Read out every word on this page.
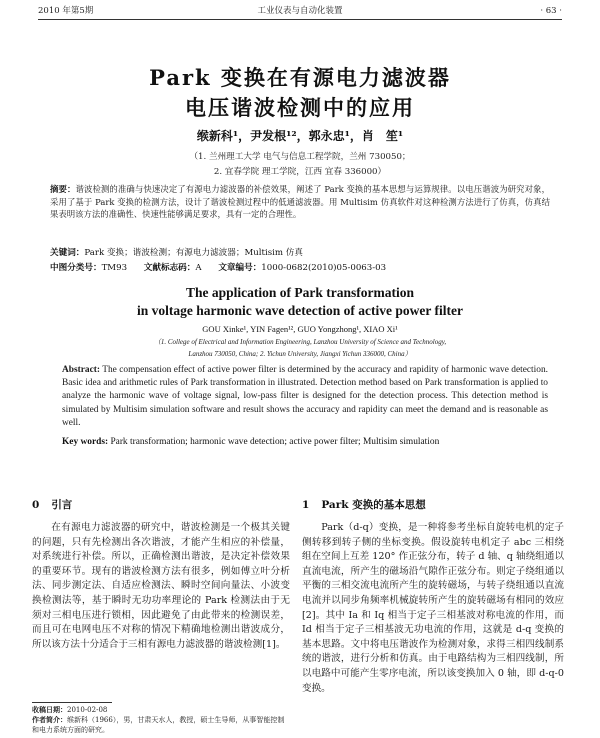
2010 年第5期	工业仪表与自动化装置	· 63 ·
Park 变换在有源电力滤波器
电压谐波检测中的应用
缑新科¹，尹发根¹²，郭永忠¹，肖　笙¹
（1. 兰州理工大学 电气与信息工程学院，兰州 730050；
2. 宜春学院 理工学院，江西 宜春 336000）
摘要：谐波检测的准确与快速决定了有源电力滤波器的补偿效果，阐述了 Park 变换的基本思想与运算规律。以电压谐波为研究对象，采用了基于 Park 变换的检测方法，设计了谐波检测过程中的低通滤波器。用 Multisim 仿真软件对这种检测方法进行了仿真，仿真结果表明该方法的准确性、快速性能够满足要求，具有一定的合理性。
关键词：Park 变换；谐波检测；有源电力滤波器；Multisim 仿真
中图分类号：TM93 文献标志码：A 文章编号：1000-0682(2010)05-0063-03
The application of Park transformation
in voltage harmonic wave detection of active power filter
GOU Xinke¹, YIN Fagen¹², GUO Yongzhong¹, XIAO Xi¹
（1. College of Electrical and Information Engineering, Lanzhou University of Science and Technology,
Lanzhou 730050, China; 2. Yichun University, Jiangxi Yichun 336000, China）
Abstract: The compensation effect of active power filter is determined by the accuracy and rapidity of harmonic wave detection. Basic idea and arithmetic rules of Park transformation in illustrated. Detection method based on Park transformation is applied to analyze the harmonic wave of voltage signal, low-pass filter is designed for the detection process. This detection method is simulated by Multisim simulation software and result shows the accuracy and rapidity can meet the demand and is reasonable as well.
Key words: Park transformation; harmonic wave detection; active power filter; Multisim simulation
0 引言

在有源电力滤波器的研究中，谐波检测是一个极其关键的问题，只有先检测出各次谐波，才能产生相应的补偿量，对系统进行补偿。所以，正确检测出谐波，是决定补偿效果的重要环节。现有的谐波检测方法有很多，例如傅立叶分析法、同步测定法、自适应检测法、瞬时空间向量法、小波变换检测法等，基于瞬时无功功率理论的 Park 检测法由于无须对三相电压进行锁相，因此避免了由此带来的检测误差，而且可在电网电压不对称的情况下精确地检测出谐波成分，所以该方法十分适合于三相有源电力滤波器的谐波检测[1]。

1 Park 变换的基本思想

Park（d-q）变换，是一种将参考坐标自旋转电机的定子侧转移到转子侧的坐标变换。假设旋转电机定子 abc 三相绕组在空间上互差 120° 作正弦分布，转子 d 轴、q 轴绕组通以直流电流，所产生的磁场沿气隙作正弦分布。则定子绕组通以平衡的三相交流电流所产生的旋转磁场，与转子绕组通以直流电流并以同步角频率机械旋转所产生的旋转磁场有相同的效应[2]。其中 Ia 和 Iq 相当于定子三相基波对称电流的作用，而 Id 相当于定子三相基波无功电流的作用，这就是 d-q 变换的基本思路。文中将电压谐波作为检测对象，求得三相四线制系统的谐波，进行分析和仿真。由于电路结构为三相四线制，所以电路中可能产生零序电流，所以该变换加入 0 轴，即 d-q-0 变换。

收稿日期：2010-02-08
作者简介：缑新科（1966），男，甘肃天水人，教授，硕士生导师，从事智能控制和电力系统方面的研究。
